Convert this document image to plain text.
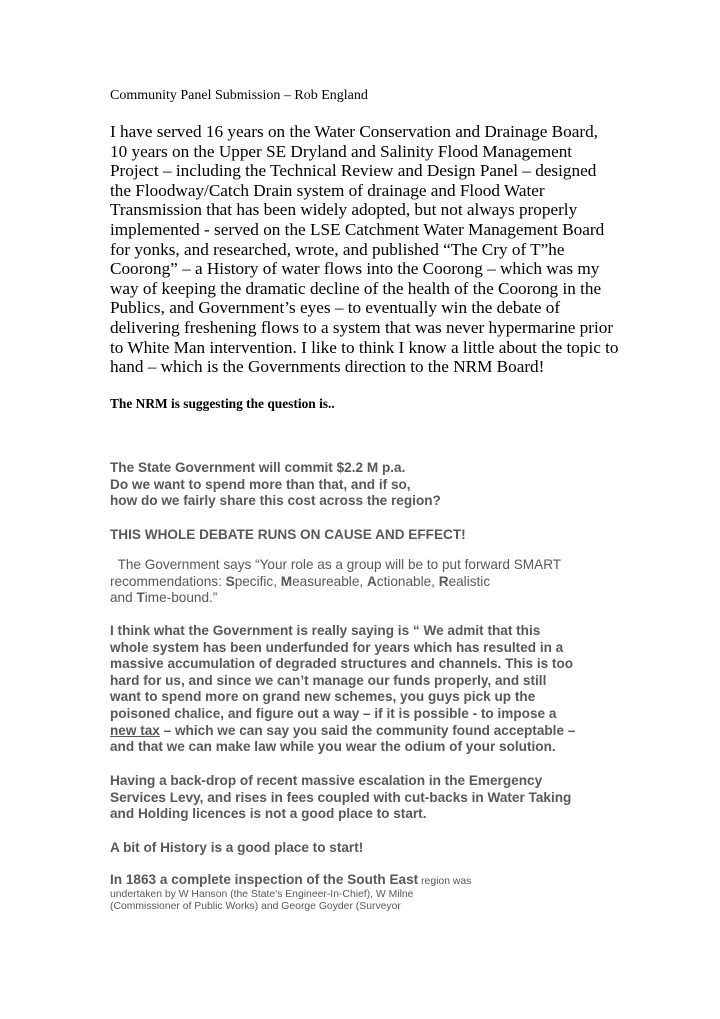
Community Panel Submission – Rob England
I have served 16 years on the Water Conservation and Drainage Board,
10 years on the Upper SE Dryland and Salinity Flood Management
Project – including the Technical Review and Design Panel – designed
the Floodway/Catch Drain system of drainage and Flood Water
Transmission that has been widely adopted, but not always properly
implemented - served on the LSE Catchment Water Management Board
for yonks, and researched, wrote, and published “The Cry of T”he
Coorong” – a History of water flows into the Coorong – which was my
way of keeping the dramatic decline of the health of the Coorong in the
Publics, and Government’s eyes – to eventually win the debate of
delivering freshening flows to a system that was never hypermarine prior
to White Man intervention. I like to think I know a little about the topic to
hand – which is the Governments direction to the NRM Board!
The NRM is suggesting the question is..
The State Government will commit $2.2 M p.a.
Do we want to spend more than that, and if so,
how do we fairly share this cost across the region?
THIS WHOLE DEBATE RUNS ON CAUSE AND EFFECT!
The Government says “Your role as a group will be to put forward SMART
recommendations: Specific, Measureable, Actionable, Realistic
and Time-bound.”
I think what the Government is really saying is “ We admit that this
whole system has been underfunded for years which has resulted in a
massive accumulation of degraded structures and channels. This is too
hard for us, and since we can’t manage our funds properly, and still
want to spend more on grand new schemes, you guys pick up the
poisoned chalice, and figure out a way – if it is possible - to impose a
new tax – which we can say you said the community found acceptable –
and that we can make law while you wear the odium of your solution.
Having a back-drop of recent massive escalation in the Emergency
Services Levy, and rises in fees coupled with cut-backs in Water Taking
and Holding licences is not a good place to start.
A bit of History is a good place to start!
In 1863 a complete inspection of the South East region was
undertaken by W Hanson (the State's Engineer-In-Chief), W Milne
(Commissioner of Public Works) and George Goyder (Surveyor
